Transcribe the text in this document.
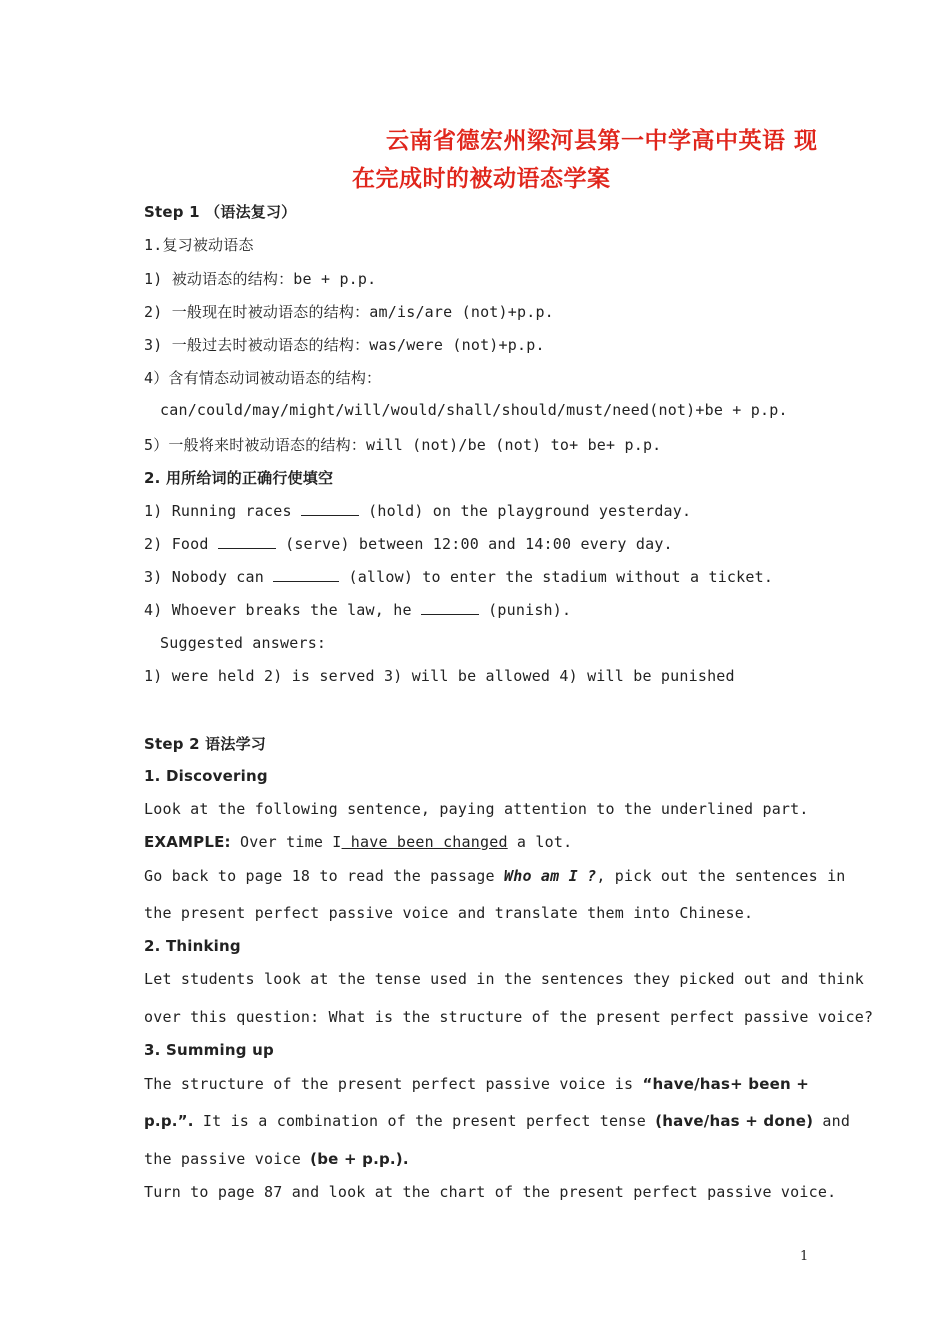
云南省德宏州梁河县第一中学高中英语 现
在完成时的被动语态学案
Step 1 （语法复习）
1.复习被动语态
1) 被动语态的结构：be + p.p.
2) 一般现在时被动语态的结构：am/is/are (not)+p.p.
3) 一般过去时被动语态的结构：was/were (not)+p.p.
4）含有情态动词被动语态的结构：
can/could/may/might/will/would/shall/should/must/need(not)+be + p.p.
5）一般将来时被动语态的结构：will (not)/be (not) to+ be+ p.p.
2. 用所给词的正确行使填空
1) Running races	(hold) on the playground yesterday.
2) Food	(serve) between 12:00 and 14:00 every day.
3) Nobody can	(allow) to enter the stadium without a ticket.
4) Whoever breaks the law, he	(punish).
Suggested answers:
1) were held 2) is served 3) will be allowed 4) will be punished
Step 2 语法学习
1. Discovering
Look at the following sentence, paying attention to the underlined part.
EXAMPLE: Over time I have been changed a lot.
Go back to page 18 to read the passage Who am I ?, pick out the sentences in
the present perfect passive voice and translate them into Chinese.
2. Thinking
Let students look at the tense used in the sentences they picked out and think
over this question: What is the structure of the present perfect passive voice?
3. Summing up
The structure of the present perfect passive voice is “have/has+ been +
p.p.”. It is a combination of the present perfect tense (have/has + done) and
the passive voice (be + p.p.).
Turn to page 87 and look at the chart of the present perfect passive voice.
1
